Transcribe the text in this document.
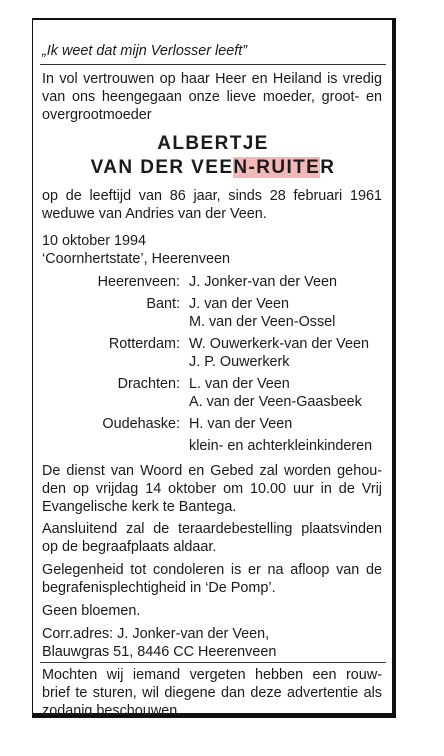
„Ik weet dat mijn Verlosser leeft”
In vol vertrouwen op haar Heer en Heiland is vredig
van ons heengegaan onze lieve moeder, groot- en
overgrootmoeder
ALBERTJE
VAN DER VEEN-RUITER
op de leeftijd van 86 jaar, sinds 28 februari 1961
weduwe van Andries van der Veen.
10 oktober 1994
‘Coornhertstate’, Heerenveen
Heerenveen: J. Jonker-van der Veen
Bant: J. van der Veen
M. van der Veen-Ossel
Rotterdam: W. Ouwerkerk-van der Veen
J. P. Ouwerkerk
Drachten: L. van der Veen
A. van der Veen-Gaasbeek
Oudehaske: H. van der Veen
klein- en achterkleinkinderen
De dienst van Woord en Gebed zal worden gehou-
den op vrijdag 14 oktober om 10.00 uur in de Vrij
Evangelische kerk te Bantega.
Aansluitend zal de teraardebestelling plaatsvinden
op de begraafplaats aldaar.
Gelegenheid tot condoleren is er na afloop van de
begrafenisplechtigheid in ‘De Pomp’.
Geen bloemen.
Corr.adres: J. Jonker-van der Veen,
Blauwgras 51, 8446 CC Heerenveen
Mochten wij iemand vergeten hebben een rouw-
brief te sturen, wil diegene dan deze advertentie als
zodanig beschouwen.
